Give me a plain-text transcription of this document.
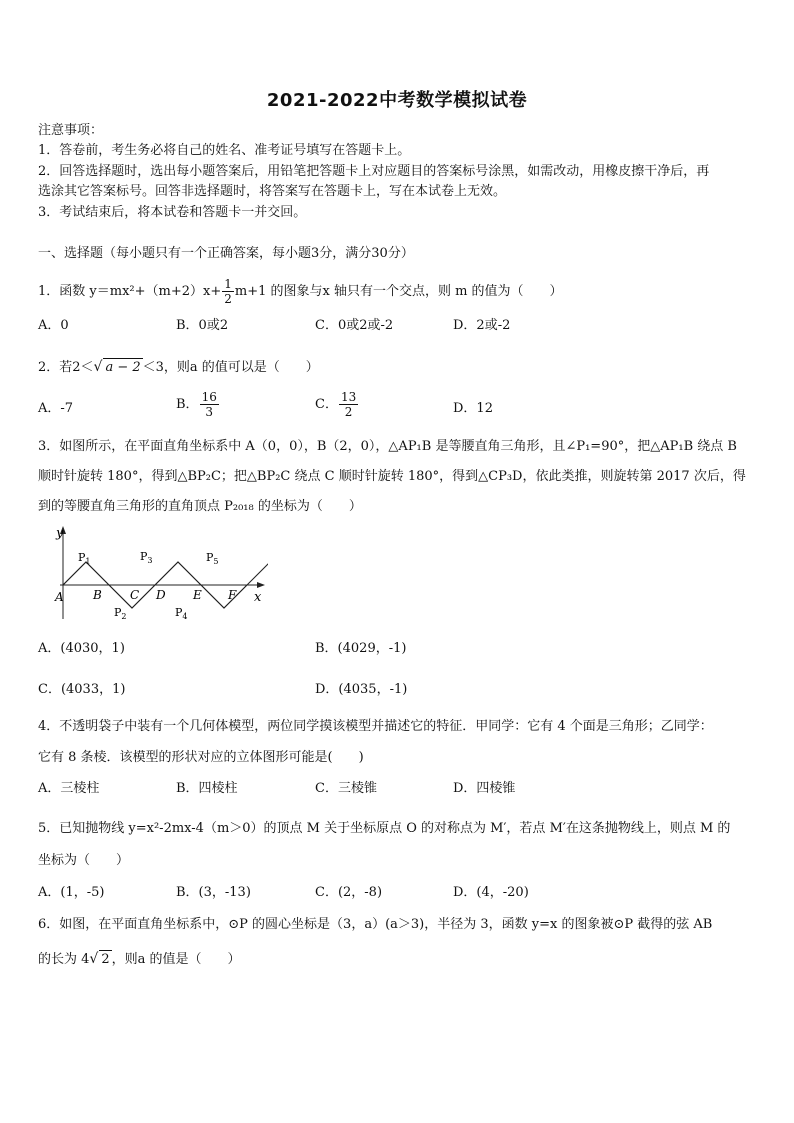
2021-2022中考数学模拟试卷
注意事项：
1．答卷前，考生务必将自己的姓名、准考证号填写在答题卡上。
2．回答选择题时，选出每小题答案后，用铅笔把答题卡上对应题目的答案标号涂黑，如需改动，用橡皮擦干净后，再
选涂其它答案标号。回答非选择题时，将答案写在答题卡上，写在本试卷上无效。
3．考试结束后，将本试卷和答题卡一并交回。
一、选择题（每小题只有一个正确答案，每小题3分，满分30分）
1．函数 $y=mx^2+(m+2)x+ \frac{1}{2} m+1$ 的图象与x 轴只有一个交点，则 m 的值为（　　）
A．0	B．0或2	C．0或2或-2	D．2或-2
2．若2＜√ a − 2 ＜3，则a 的值可以是（　　）
A．-7	B． $\frac{16}{3}$	C． $\frac{13}{2}$	D．12
3．如图所示，在平面直角坐标系中 A（0，0），B（2，0），△AP₁B 是等腰直角三角形，且∠P₁=90°，把△AP₁B 绕点 B
顺时针旋转 180°，得到△BP₂C；把△BP₂C 绕点 C 顺时针旋转 180°，得到△CP₃D，依此类推，则旋转第 2017 次后，得
到的等腰直角三角形的直角顶点 P₂₀₁₈ 的坐标为（　　）
y
x
A B C D E F
$P_1$
$P_2$
$P_3$
$P_4$
$P_5$
A．(4030，1)	B．(4029，-1)
C．(4033，1)	D．(4035，-1)
4．不透明袋子中装有一个几何体模型，两位同学摸该模型并描述它的特征．甲同学：它有 4 个面是三角形；乙同学：
它有 8 条棱．该模型的形状对应的立体图形可能是(　　)
A．三棱柱	B．四棱柱	C．三棱锥	D．四棱锥
5．已知抛物线 y=x²-2mx-4（m＞0）的顶点 M 关于坐标原点 O 的对称点为 M′，若点 M′在这条抛物线上，则点 M 的
坐标为（　　）
A．(1，-5)	B．(3，-13)	C．(2，-8)	D．(4，-20)
6．如图，在平面直角坐标系中，⊙P 的圆心坐标是（3，a）(a＞3)，半径为 3，函数 y=x 的图象被⊙P 截得的弦 AB
的长为 4√ 2 ，则a 的值是（　　）
